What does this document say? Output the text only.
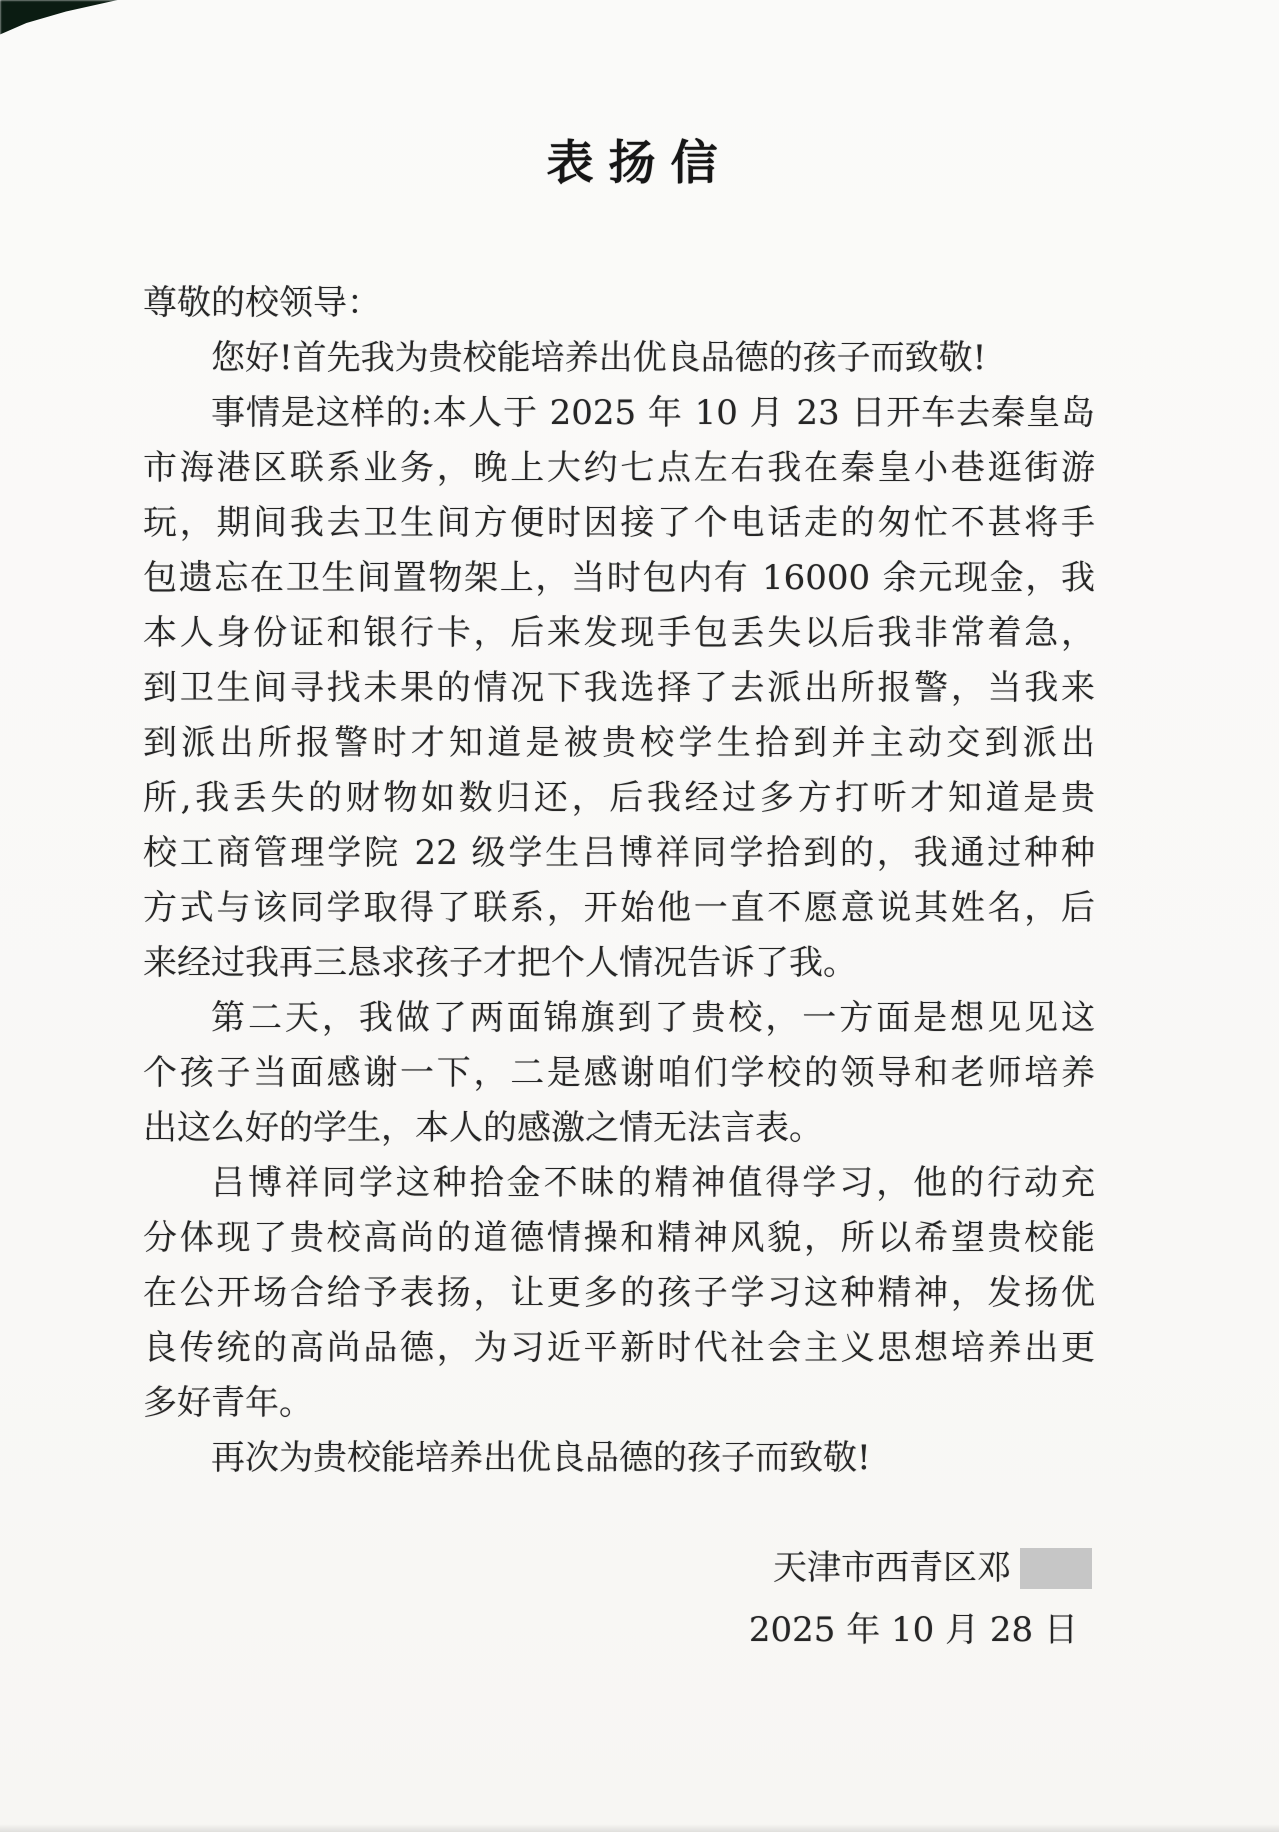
表扬信

尊敬的校领导：

您好!首先我为贵校能培养出优良品德的孩子而致敬!

事情是这样的:本人于 2025 年 10 月 23 日开车去秦皇岛

市海港区联系业务，晚上大约七点左右我在秦皇小巷逛街游

玩，期间我去卫生间方便时因接了个电话走的匆忙不甚将手

包遗忘在卫生间置物架上，当时包内有 16000 余元现金，我

本人身份证和银行卡，后来发现手包丢失以后我非常着急，

到卫生间寻找未果的情况下我选择了去派出所报警，当我来

到派出所报警时才知道是被贵校学生拾到并主动交到派出

所,我丢失的财物如数归还，后我经过多方打听才知道是贵

校工商管理学院 22 级学生吕博祥同学拾到的，我通过种种

方式与该同学取得了联系，开始他一直不愿意说其姓名，后

来经过我再三恳求孩子才把个人情况告诉了我。

第二天，我做了两面锦旗到了贵校，一方面是想见见这

个孩子当面感谢一下，二是感谢咱们学校的领导和老师培养

出这么好的学生，本人的感激之情无法言表。

吕博祥同学这种拾金不昧的精神值得学习，他的行动充

分体现了贵校高尚的道德情操和精神风貌，所以希望贵校能

在公开场合给予表扬，让更多的孩子学习这种精神，发扬优

良传统的高尚品德，为习近平新时代社会主义思想培养出更

多好青年。

再次为贵校能培养出优良品德的孩子而致敬!

天津市西青区邓
2025 年 10 月 28 日
